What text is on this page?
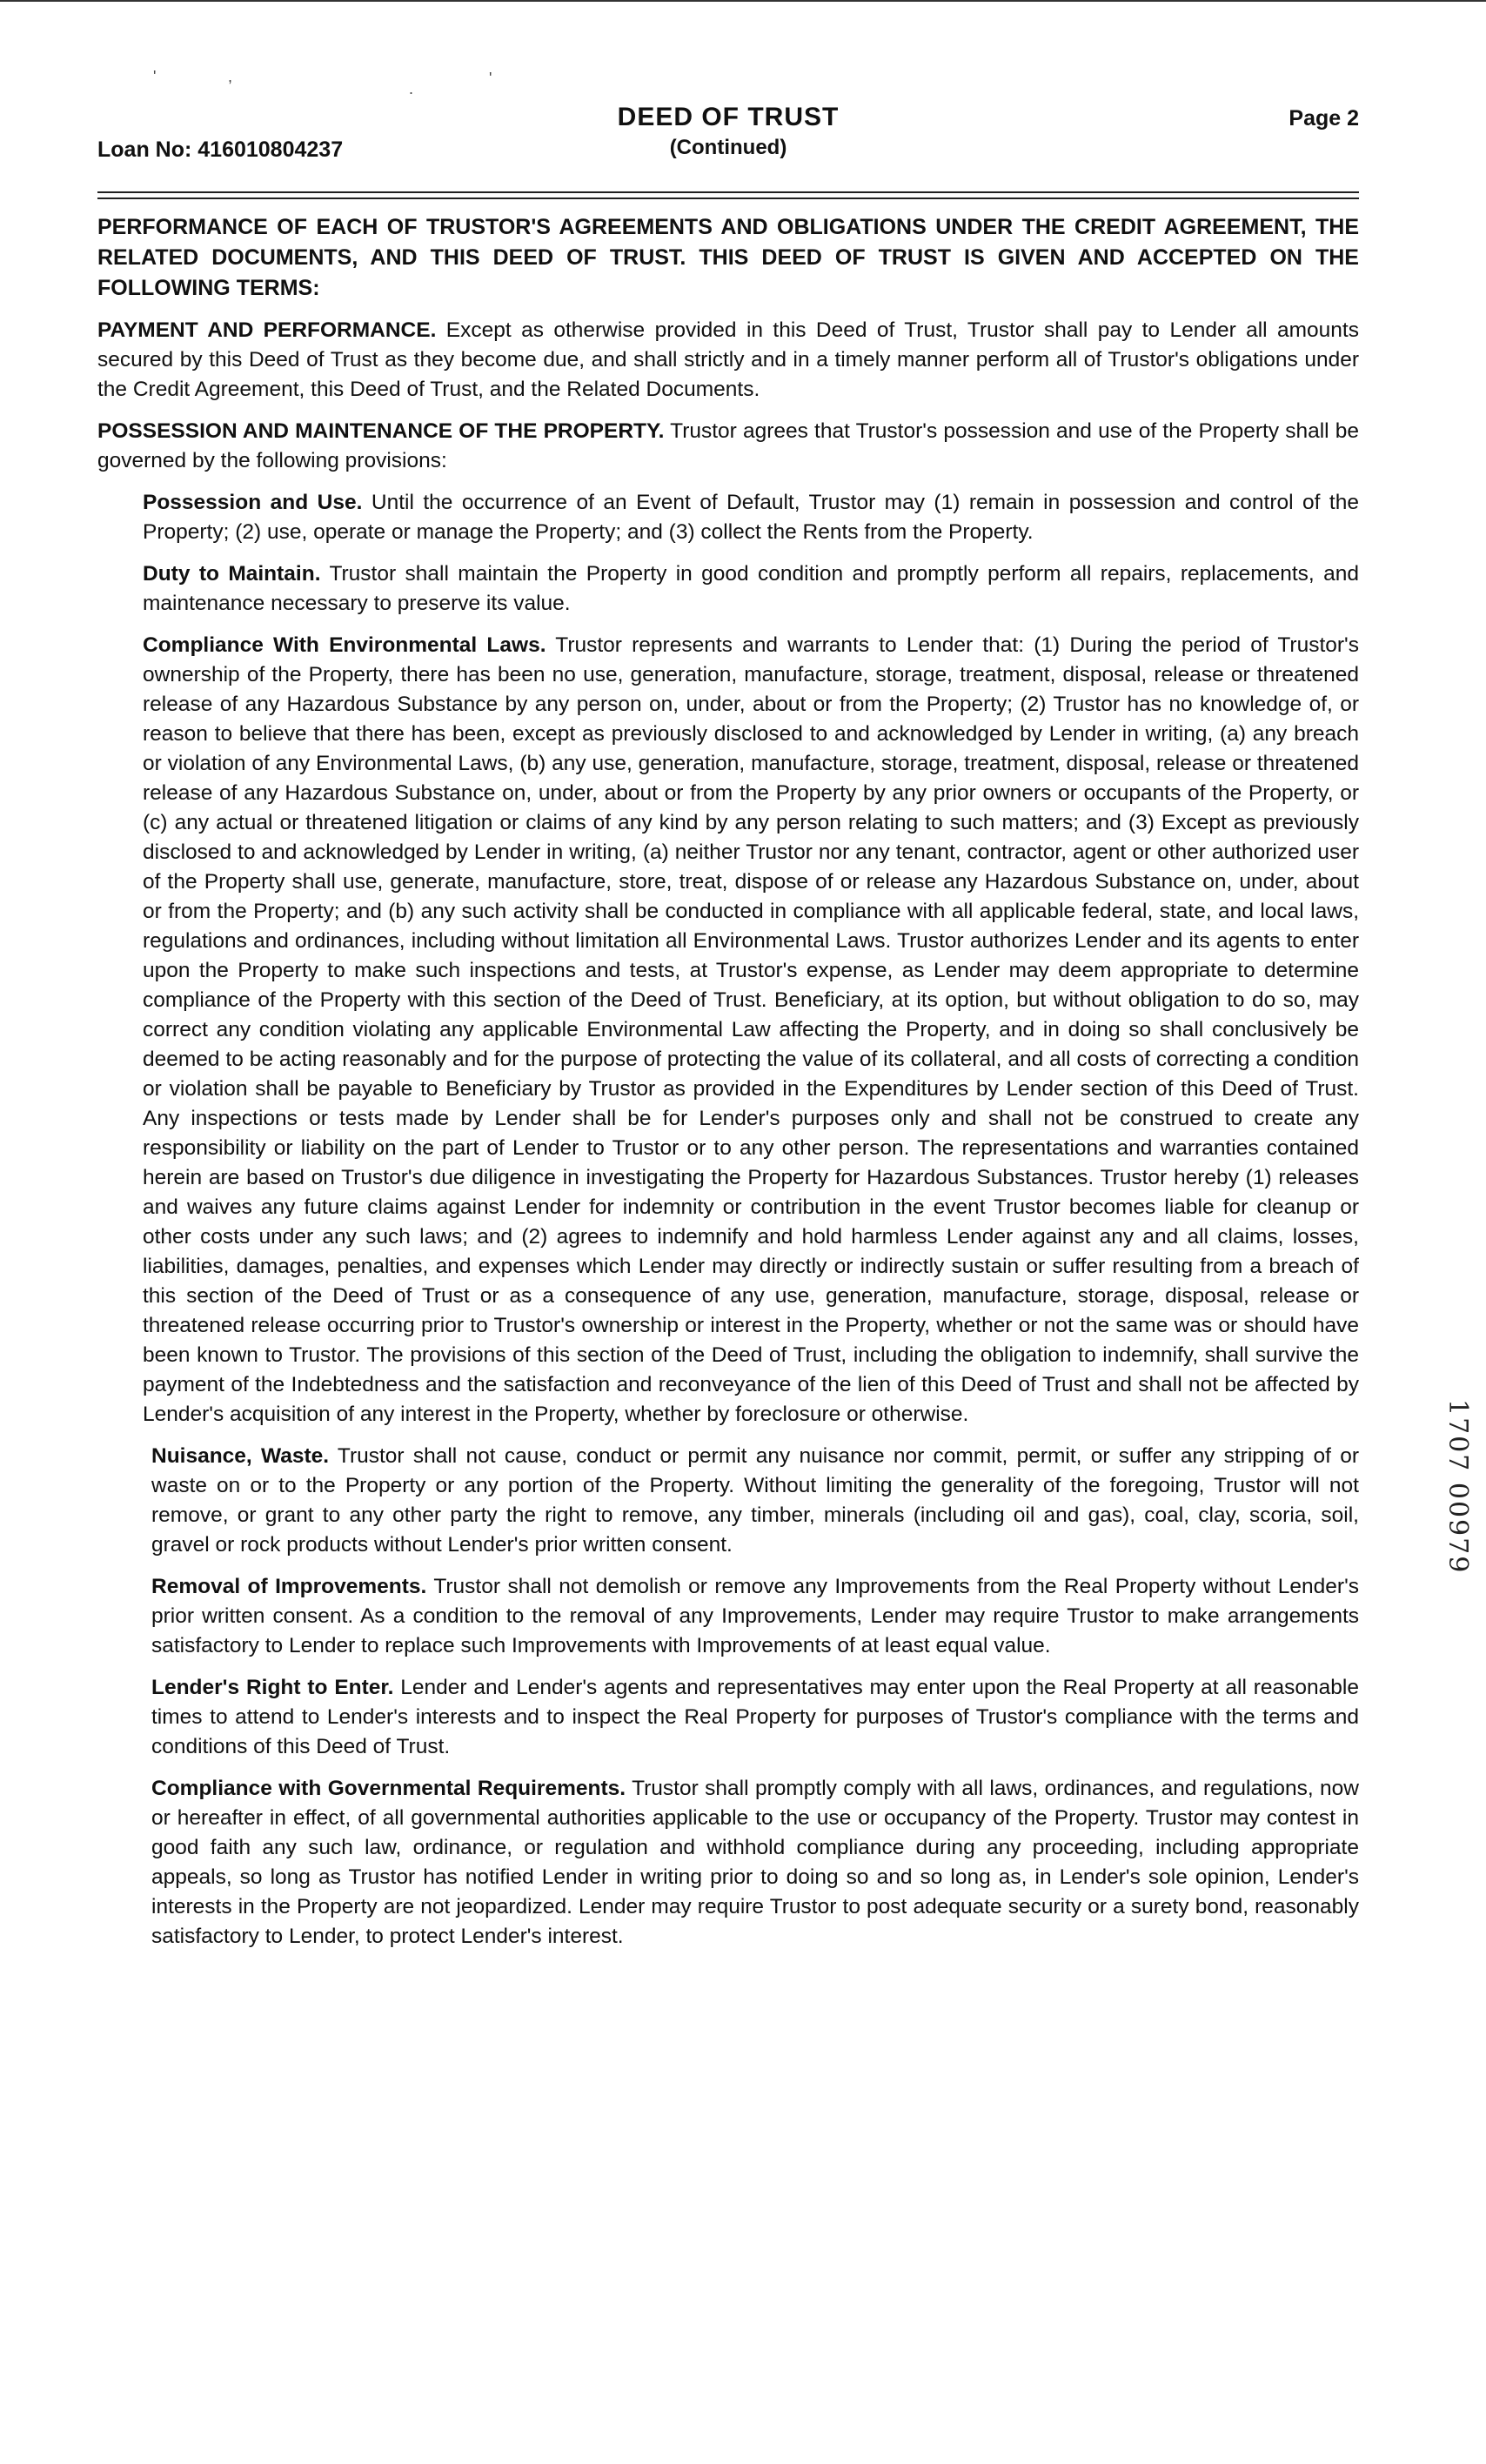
'	,
.
'
DEED OF TRUST
(Continued)
Loan No: 416010804237
Page 2

PERFORMANCE OF EACH OF TRUSTOR'S AGREEMENTS AND OBLIGATIONS UNDER THE CREDIT AGREEMENT, THE RELATED DOCUMENTS, AND THIS DEED OF TRUST. THIS DEED OF TRUST IS GIVEN AND ACCEPTED ON THE FOLLOWING TERMS:

PAYMENT AND PERFORMANCE. Except as otherwise provided in this Deed of Trust, Trustor shall pay to Lender all amounts secured by this Deed of Trust as they become due, and shall strictly and in a timely manner perform all of Trustor's obligations under the Credit Agreement, this Deed of Trust, and the Related Documents.

POSSESSION AND MAINTENANCE OF THE PROPERTY. Trustor agrees that Trustor's possession and use of the Property shall be governed by the following provisions:

Possession and Use. Until the occurrence of an Event of Default, Trustor may (1) remain in possession and control of the Property; (2) use, operate or manage the Property; and (3) collect the Rents from the Property.

Duty to Maintain. Trustor shall maintain the Property in good condition and promptly perform all repairs, replacements, and maintenance necessary to preserve its value.

Compliance With Environmental Laws. Trustor represents and warrants to Lender that: (1) During the period of Trustor's ownership of the Property, there has been no use, generation, manufacture, storage, treatment, disposal, release or threatened release of any Hazardous Substance by any person on, under, about or from the Property; (2) Trustor has no knowledge of, or reason to believe that there has been, except as previously disclosed to and acknowledged by Lender in writing, (a) any breach or violation of any Environmental Laws, (b) any use, generation, manufacture, storage, treatment, disposal, release or threatened release of any Hazardous Substance on, under, about or from the Property by any prior owners or occupants of the Property, or (c) any actual or threatened litigation or claims of any kind by any person relating to such matters; and (3) Except as previously disclosed to and acknowledged by Lender in writing, (a) neither Trustor nor any tenant, contractor, agent or other authorized user of the Property shall use, generate, manufacture, store, treat, dispose of or release any Hazardous Substance on, under, about or from the Property; and (b) any such activity shall be conducted in compliance with all applicable federal, state, and local laws, regulations and ordinances, including without limitation all Environmental Laws. Trustor authorizes Lender and its agents to enter upon the Property to make such inspections and tests, at Trustor's expense, as Lender may deem appropriate to determine compliance of the Property with this section of the Deed of Trust. Beneficiary, at its option, but without obligation to do so, may correct any condition violating any applicable Environmental Law affecting the Property, and in doing so shall conclusively be deemed to be acting reasonably and for the purpose of protecting the value of its collateral, and all costs of correcting a condition or violation shall be payable to Beneficiary by Trustor as provided in the Expenditures by Lender section of this Deed of Trust. Any inspections or tests made by Lender shall be for Lender's purposes only and shall not be construed to create any responsibility or liability on the part of Lender to Trustor or to any other person. The representations and warranties contained herein are based on Trustor's due diligence in investigating the Property for Hazardous Substances. Trustor hereby (1) releases and waives any future claims against Lender for indemnity or contribution in the event Trustor becomes liable for cleanup or other costs under any such laws; and (2) agrees to indemnify and hold harmless Lender against any and all claims, losses, liabilities, damages, penalties, and expenses which Lender may directly or indirectly sustain or suffer resulting from a breach of this section of the Deed of Trust or as a consequence of any use, generation, manufacture, storage, disposal, release or threatened release occurring prior to Trustor's ownership or interest in the Property, whether or not the same was or should have been known to Trustor. The provisions of this section of the Deed of Trust, including the obligation to indemnify, shall survive the payment of the Indebtedness and the satisfaction and reconveyance of the lien of this Deed of Trust and shall not be affected by Lender's acquisition of any interest in the Property, whether by foreclosure or otherwise.

Nuisance, Waste. Trustor shall not cause, conduct or permit any nuisance nor commit, permit, or suffer any stripping of or waste on or to the Property or any portion of the Property. Without limiting the generality of the foregoing, Trustor will not remove, or grant to any other party the right to remove, any timber, minerals (including oil and gas), coal, clay, scoria, soil, gravel or rock products without Lender's prior written consent.

Removal of Improvements. Trustor shall not demolish or remove any Improvements from the Real Property without Lender's prior written consent. As a condition to the removal of any Improvements, Lender may require Trustor to make arrangements satisfactory to Lender to replace such Improvements with Improvements of at least equal value.

Lender's Right to Enter. Lender and Lender's agents and representatives may enter upon the Real Property at all reasonable times to attend to Lender's interests and to inspect the Real Property for purposes of Trustor's compliance with the terms and conditions of this Deed of Trust.

Compliance with Governmental Requirements. Trustor shall promptly comply with all laws, ordinances, and regulations, now or hereafter in effect, of all governmental authorities applicable to the use or occupancy of the Property. Trustor may contest in good faith any such law, ordinance, or regulation and withhold compliance during any proceeding, including appropriate appeals, so long as Trustor has notified Lender in writing prior to doing so and so long as, in Lender's sole opinion, Lender's interests in the Property are not jeopardized. Lender may require Trustor to post adequate security or a surety bond, reasonably satisfactory to Lender, to protect Lender's interest.

1707 00979
